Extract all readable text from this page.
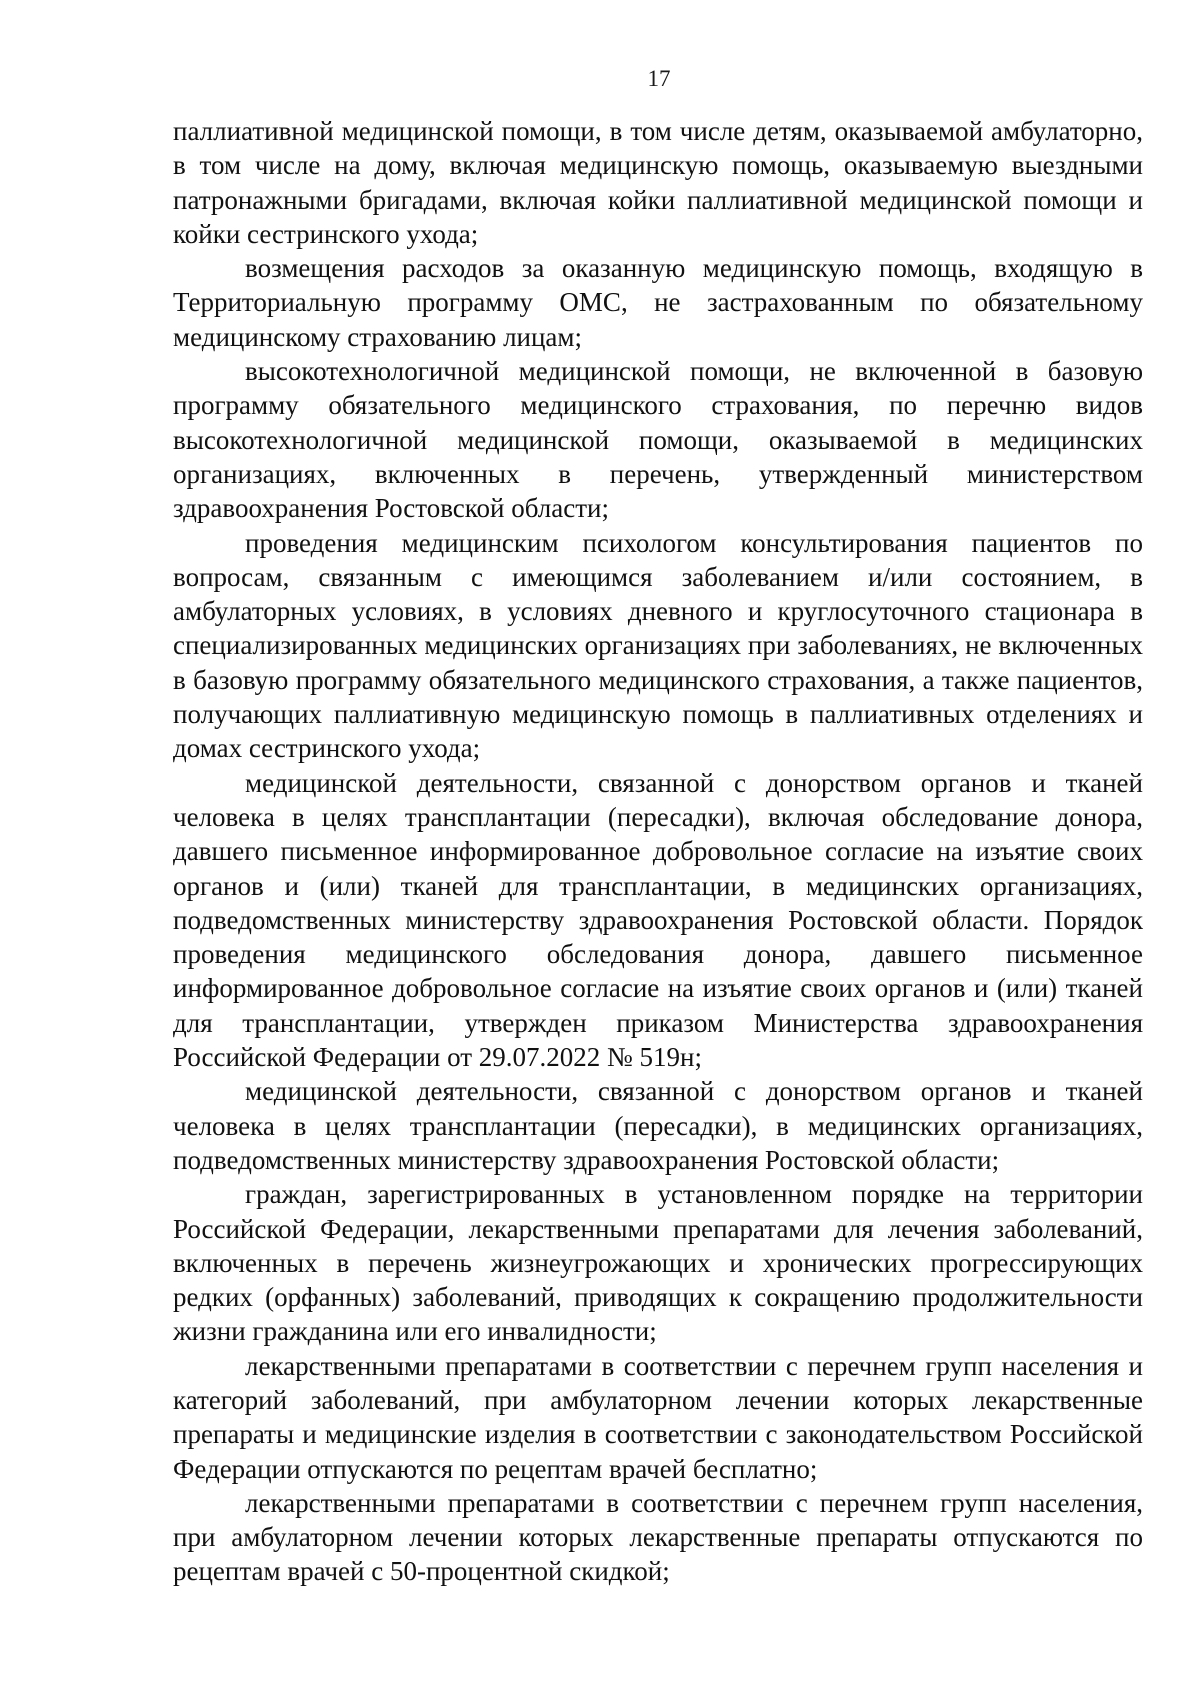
17

паллиативной медицинской помощи, в том числе детям, оказываемой амбулаторно, в том числе на дому, включая медицинскую помощь, оказываемую выездными патронажными бригадами, включая койки паллиативной медицинской помощи и койки сестринского ухода;

возмещения расходов за оказанную медицинскую помощь, входящую в Территориальную программу ОМС, не застрахованным по обязательному медицинскому страхованию лицам;

высокотехнологичной медицинской помощи, не включенной в базовую программу обязательного медицинского страхования, по перечню видов высокотехнологичной медицинской помощи, оказываемой в медицинских организациях, включенных в перечень, утвержденный министерством здравоохранения Ростовской области;

проведения медицинским психологом консультирования пациентов по вопросам, связанным с имеющимся заболеванием и/или состоянием, в амбулаторных условиях, в условиях дневного и круглосуточного стационара в специализированных медицинских организациях при заболеваниях, не включенных в базовую программу обязательного медицинского страхования, а также пациентов, получающих паллиативную медицинскую помощь в паллиативных отделениях и домах сестринского ухода;

медицинской деятельности, связанной с донорством органов и тканей человека в целях трансплантации (пересадки), включая обследование донора, давшего письменное информированное добровольное согласие на изъятие своих органов и (или) тканей для трансплантации, в медицинских организациях, подведомственных министерству здравоохранения Ростовской области. Порядок проведения медицинского обследования донора, давшего письменное информированное добровольное согласие на изъятие своих органов и (или) тканей для трансплантации, утвержден приказом Министерства здравоохранения Российской Федерации от 29.07.2022 № 519н;

медицинской деятельности, связанной с донорством органов и тканей человека в целях трансплантации (пересадки), в медицинских организациях, подведомственных министерству здравоохранения Ростовской области;

граждан, зарегистрированных в установленном порядке на территории Российской Федерации, лекарственными препаратами для лечения заболеваний, включенных в перечень жизнеугрожающих и хронических прогрессирующих редких (орфанных) заболеваний, приводящих к сокращению продолжительности жизни гражданина или его инвалидности;

лекарственными препаратами в соответствии с перечнем групп населения и категорий заболеваний, при амбулаторном лечении которых лекарственные препараты и медицинские изделия в соответствии с законодательством Российской Федерации отпускаются по рецептам врачей бесплатно;

лекарственными препаратами в соответствии с перечнем групп населения, при амбулаторном лечении которых лекарственные препараты отпускаются по рецептам врачей с 50-процентной скидкой;
